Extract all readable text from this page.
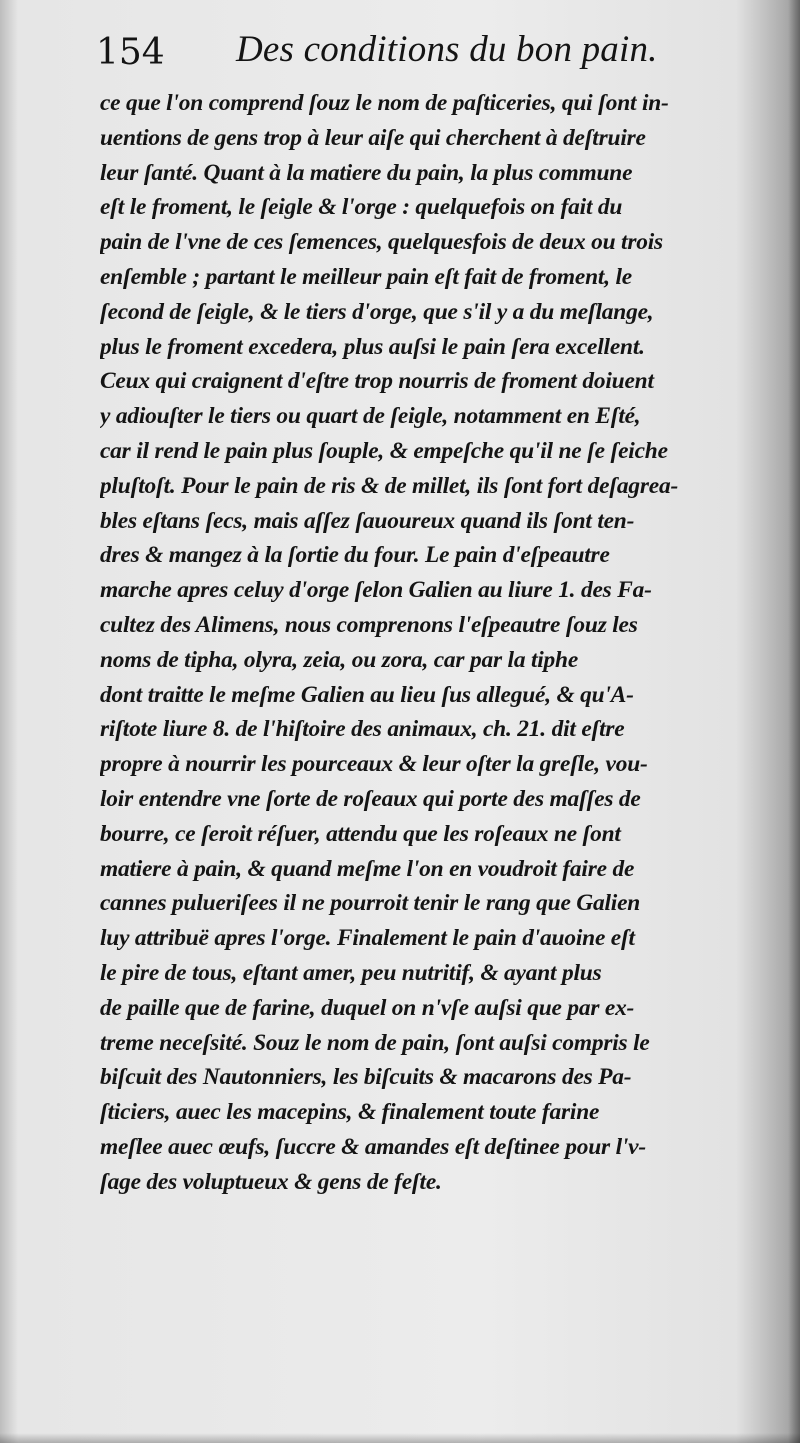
154 Des conditions du bon pain.
ce que l'on comprend ſouz le nom de paſticeries, qui ſont in-
uentions de gens trop à leur aiſe qui cherchent à deſtruire
leur ſanté. Quant à la matiere du pain, la plus commune
eſt le froment, le ſeigle & l'orge : quelquefois on fait du
pain de l'vne de ces ſemences, quelquesfois de deux ou trois
enſemble ; partant le meilleur pain eſt fait de froment, le
ſecond de ſeigle, & le tiers d'orge, que s'il y a du meſlange,
plus le froment excedera, plus auſsi le pain ſera excellent.
Ceux qui craignent d'eſtre trop nourris de froment doiuent
y adiouſter le tiers ou quart de ſeigle, notamment en Eſté,
car il rend le pain plus ſouple, & empeſche qu'il ne ſe ſeiche
pluſtoſt. Pour le pain de ris & de millet, ils ſont fort deſagrea-
bles eſtans ſecs, mais aſſez ſauoureux quand ils ſont ten-
dres & mangez à la ſortie du four. Le pain d'eſpeautre
marche apres celuy d'orge ſelon Galien au liure 1. des Fa-
cultez des Alimens, nous comprenons l'eſpeautre ſouz les
noms de tipha, olyra, zeia, ou zora, car par la tiphe
dont traitte le meſme Galien au lieu ſus allegué, & qu'A-
riſtote liure 8. de l'hiſtoire des animaux, ch. 21. dit eſtre
propre à nourrir les pourceaux & leur oſter la greſle, vou-
loir entendre vne ſorte de roſeaux qui porte des maſſes de
bourre, ce ſeroit réſuer, attendu que les roſeaux ne ſont
matiere à pain, & quand meſme l'on en voudroit faire de
cannes pulueriſees il ne pourroit tenir le rang que Galien
luy attribuë apres l'orge. Finalement le pain d'auoine eſt
le pire de tous, eſtant amer, peu nutritif, & ayant plus
de paille que de farine, duquel on n'vſe auſsi que par ex-
treme neceſsité. Souz le nom de pain, ſont auſsi compris le
biſcuit des Nautonniers, les biſcuits & macarons des Pa-
ſticiers, auec les macepins, & finalement toute farine
meſlee auec œufs, ſuccre & amandes eſt deſtinee pour l'v-
ſage des voluptueux & gens de feſte.
